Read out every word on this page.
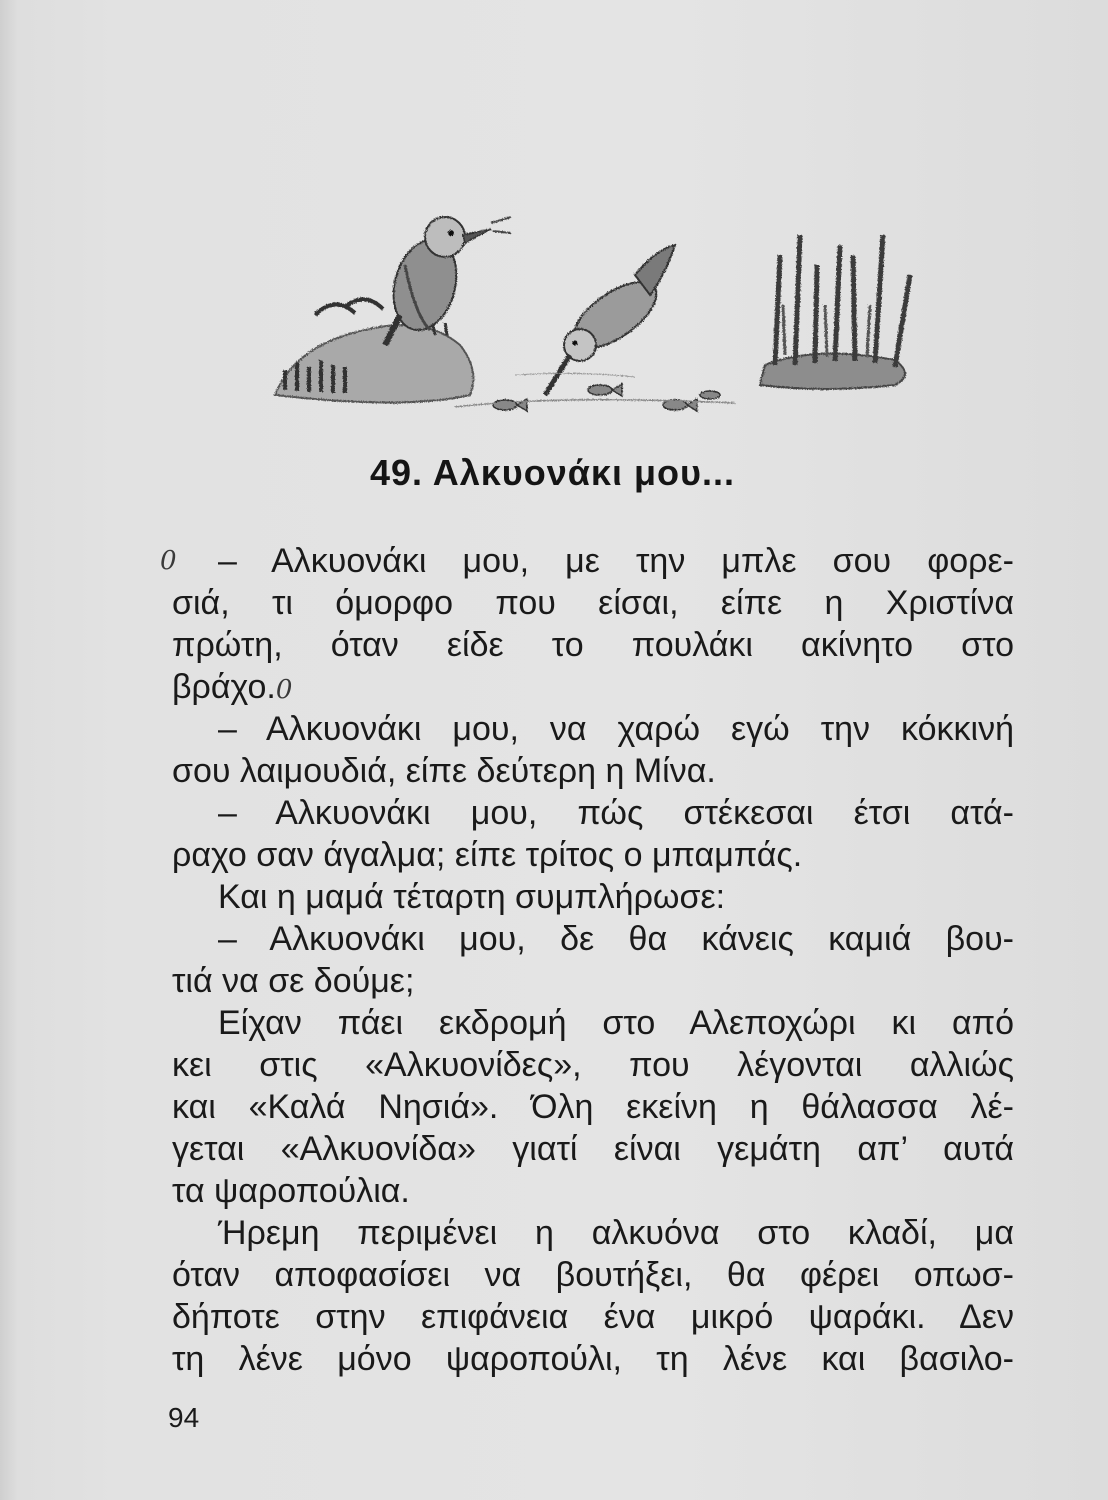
49. Αλκυονάκι μου...
0 – Αλκυονάκι μου, με την μπλε σου φορε-
σιά, τι όμορφο που είσαι, είπε η Χριστίνα
πρώτη, όταν είδε το πουλάκι ακίνητο στο
βράχο.0
– Αλκυονάκι μου, να χαρώ εγώ την κόκκινή
σου λαιμουδιά, είπε δεύτερη η Μίνα.
– Αλκυονάκι μου, πώς στέκεσαι έτσι ατά-
ραχο σαν άγαλμα; είπε τρίτος ο μπαμπάς.
Και η μαμά τέταρτη συμπλήρωσε:
– Αλκυονάκι μου, δε θα κάνεις καμιά βου-
τιά να σε δούμε;
Είχαν πάει εκδρομή στο Αλεποχώρι κι από
κει στις «Αλκυονίδες», που λέγονται αλλιώς
και «Καλά Νησιά». Όλη εκείνη η θάλασσα λέ-
γεται «Αλκυονίδα» γιατί είναι γεμάτη απ’ αυτά
τα ψαροπούλια.
Ήρεμη περιμένει η αλκυόνα στο κλαδί, μα
όταν αποφασίσει να βουτήξει, θα φέρει οπωσ-
δήποτε στην επιφάνεια ένα μικρό ψαράκι. Δεν
τη λένε μόνο ψαροπούλι, τη λένε και βασιλο-
94
